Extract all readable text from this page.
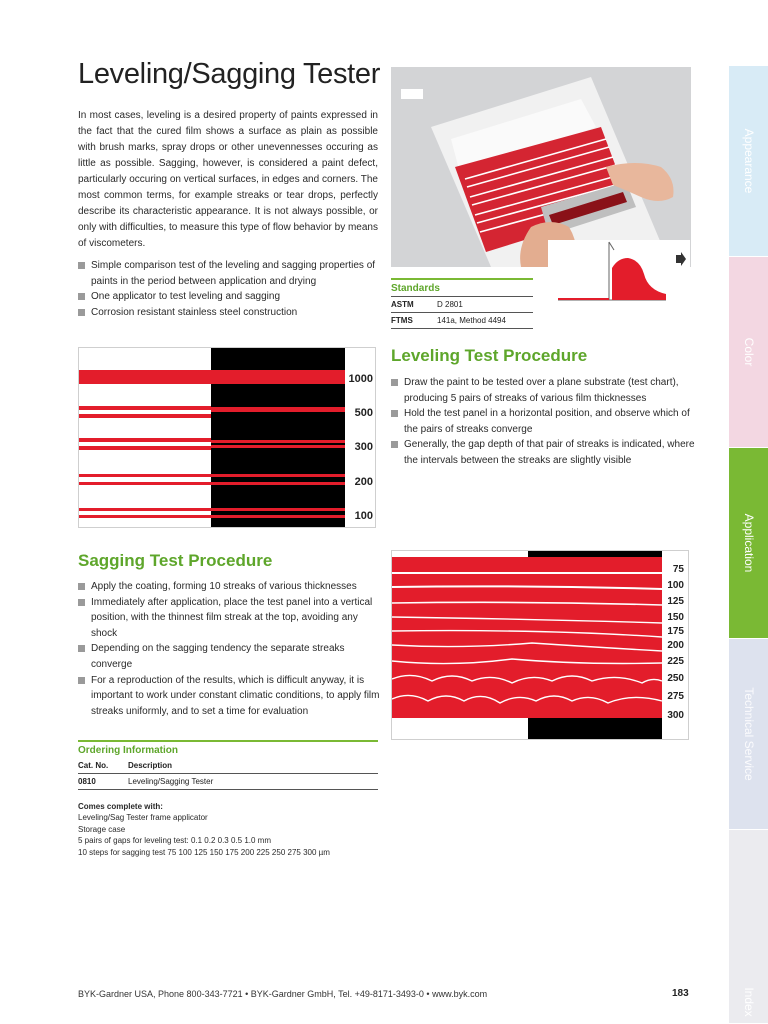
Leveling/Sagging Tester

In most cases, leveling is a desired property of paints expressed in the fact that the cured film shows a surface as plain as possible with brush marks, spray drops or other unevennesses occuring as little as possible. Sagging, however, is considered a paint defect, particularly occuring on vertical surfaces, in edges and corners. The most common terms, for example streaks or tear drops, perfectly describe its characteristic appearance. It is not always possible, or only with difficulties, to measure this type of flow behavior by means of viscometers.

Simple comparison test of the leveling and sagging properties of paints in the period between application and drying
One applicator to test leveling and sagging
Corrosion resistant stainless steel construction
Standards
ASTM	D 2801
FTMS	141a, Method 4494
1000
500
300
200
100
Leveling Test Procedure
Draw the paint to be tested over a plane substrate (test chart), producing 5 pairs of streaks of various film thicknesses
Hold the test panel in a horizontal position, and observe which of the pairs of streaks converge
Generally, the gap depth of that pair of streaks is indicated, where the intervals between the streaks are slightly visible
Sagging Test Procedure
Apply the coating, forming 10 streaks of various thicknesses
Immediately after application, place the test panel into a vertical position, with the thinnest film streak at the top, avoiding any shock
Depending on the sagging tendency the separate streaks converge
For a reproduction of the results, which is difficult anyway, it is important to work under constant climatic conditions, to apply film streaks uniformly, and to set a time for evaluation
75
100
125
150
175
200
225
250
275
300
Ordering Information
Cat. No.	Description
0810	Leveling/Sagging Tester
Comes complete with:
Leveling/Sag Tester frame applicator
Storage case
5 pairs of gaps for leveling test: 0.1 0.2 0.3 0.5 1.0 mm
10 steps for sagging test 75 100 125 150 175 200 225 250 275 300 µm
BYK-Gardner USA, Phone 800-343-7721 • BYK-Gardner GmbH, Tel. +49-8171-3493-0 • www.byk.com	183
Appearance
Color
Application
Technical Service
Index
